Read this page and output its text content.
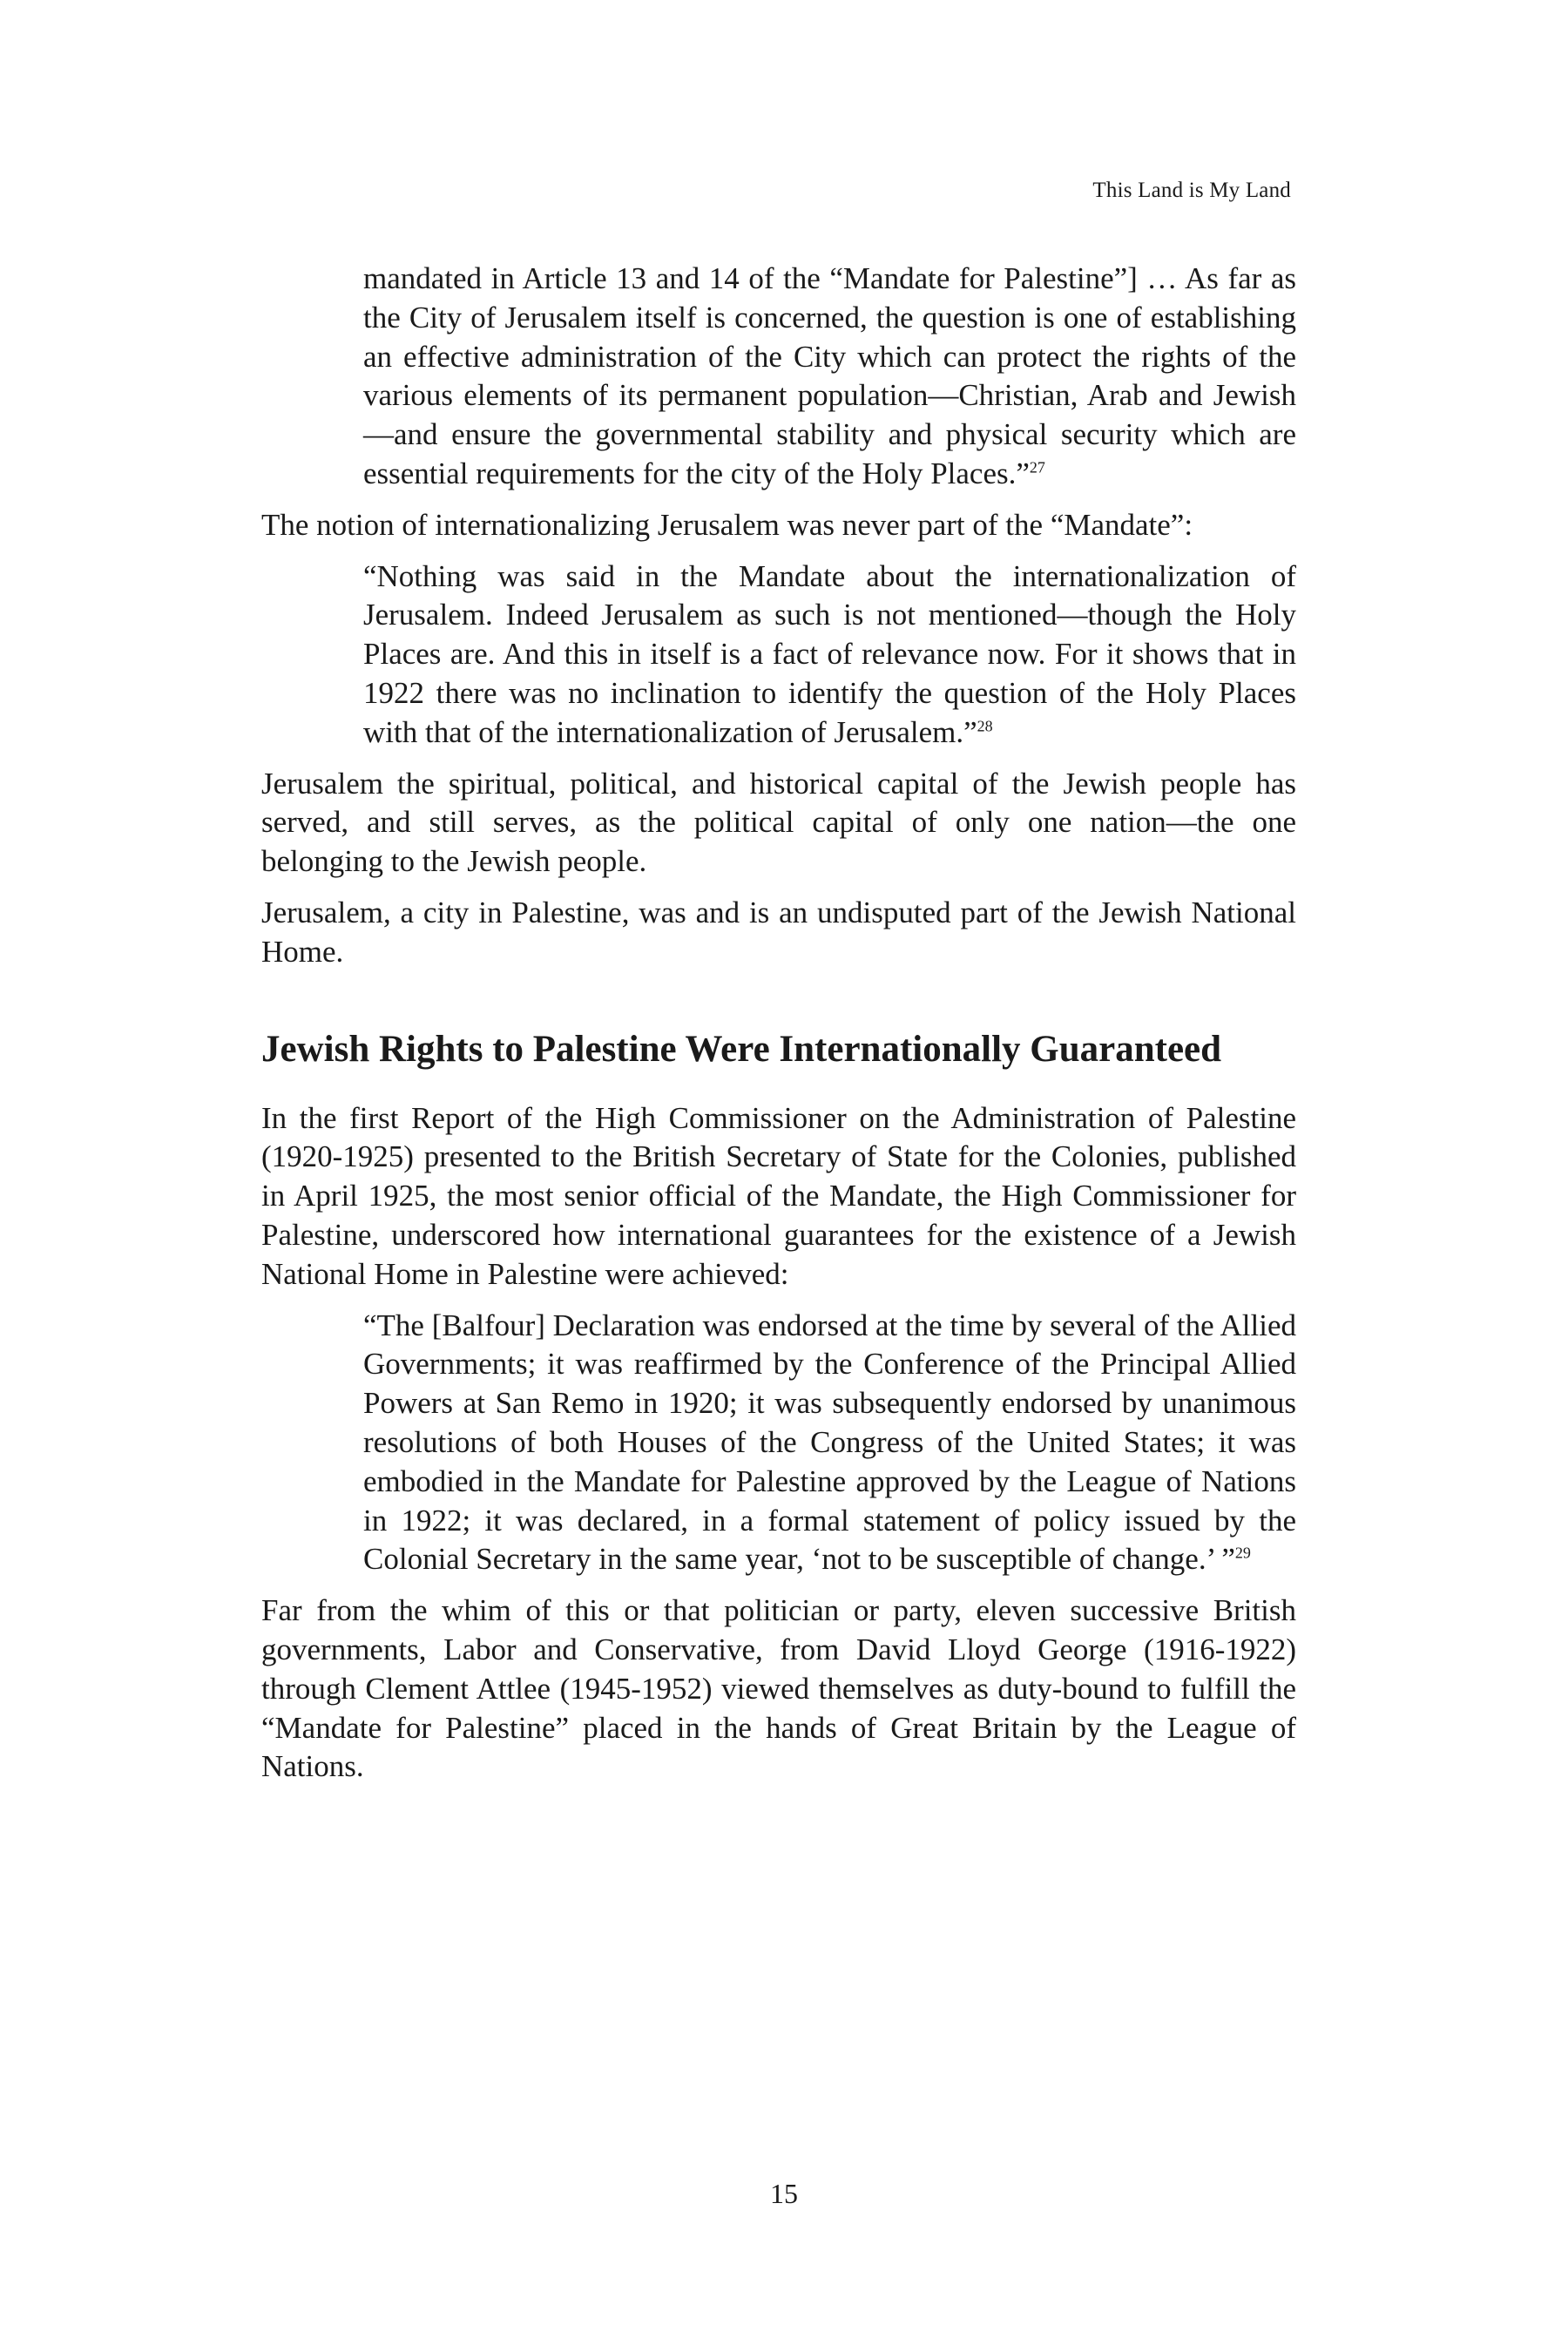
This Land is My Land

mandated in Article 13 and 14 of the “Mandate for Palestine”] … As far as the City of Jerusalem itself is concerned, the question is one of establishing an effective administration of the City which can protect the rights of the various elements of its permanent population—Christian, Arab and Jewish—and ensure the governmental stability and physical security which are essential requirements for the city of the Holy Places.”$^{27}$

The notion of internationalizing Jerusalem was never part of the “Mandate”:

“Nothing was said in the Mandate about the internationalization of Jerusalem. Indeed Jerusalem as such is not mentioned—though the Holy Places are. And this in itself is a fact of relevance now. For it shows that in 1922 there was no inclination to identify the question of the Holy Places with that of the internationalization of Jerusalem.”$^{28}$

Jerusalem the spiritual, political, and historical capital of the Jewish people has served, and still serves, as the political capital of only one nation—the one belonging to the Jewish people.

Jerusalem, a city in Palestine, was and is an undisputed part of the Jewish National Home.

Jewish Rights to Palestine Were Internationally Guaranteed

In the first Report of the High Commissioner on the Administration of Palestine (1920-1925) presented to the British Secretary of State for the Colonies, published in April 1925, the most senior official of the Mandate, the High Commissioner for Palestine, underscored how international guarantees for the existence of a Jewish National Home in Palestine were achieved:

“The [Balfour] Declaration was endorsed at the time by several of the Allied Governments; it was reaffirmed by the Conference of the Principal Allied Powers at San Remo in 1920; it was subsequently endorsed by unanimous resolutions of both Houses of the Congress of the United States; it was embodied in the Mandate for Palestine approved by the League of Nations in 1922; it was declared, in a formal statement of policy issued by the Colonial Secretary in the same year, ‘not to be susceptible of change.’ ”$^{29}$

Far from the whim of this or that politician or party, eleven successive British governments, Labor and Conservative, from David Lloyd George (1916-1922) through Clement Attlee (1945-1952) viewed themselves as duty-bound to fulfill the “Mandate for Palestine” placed in the hands of Great Britain by the League of Nations.

15
